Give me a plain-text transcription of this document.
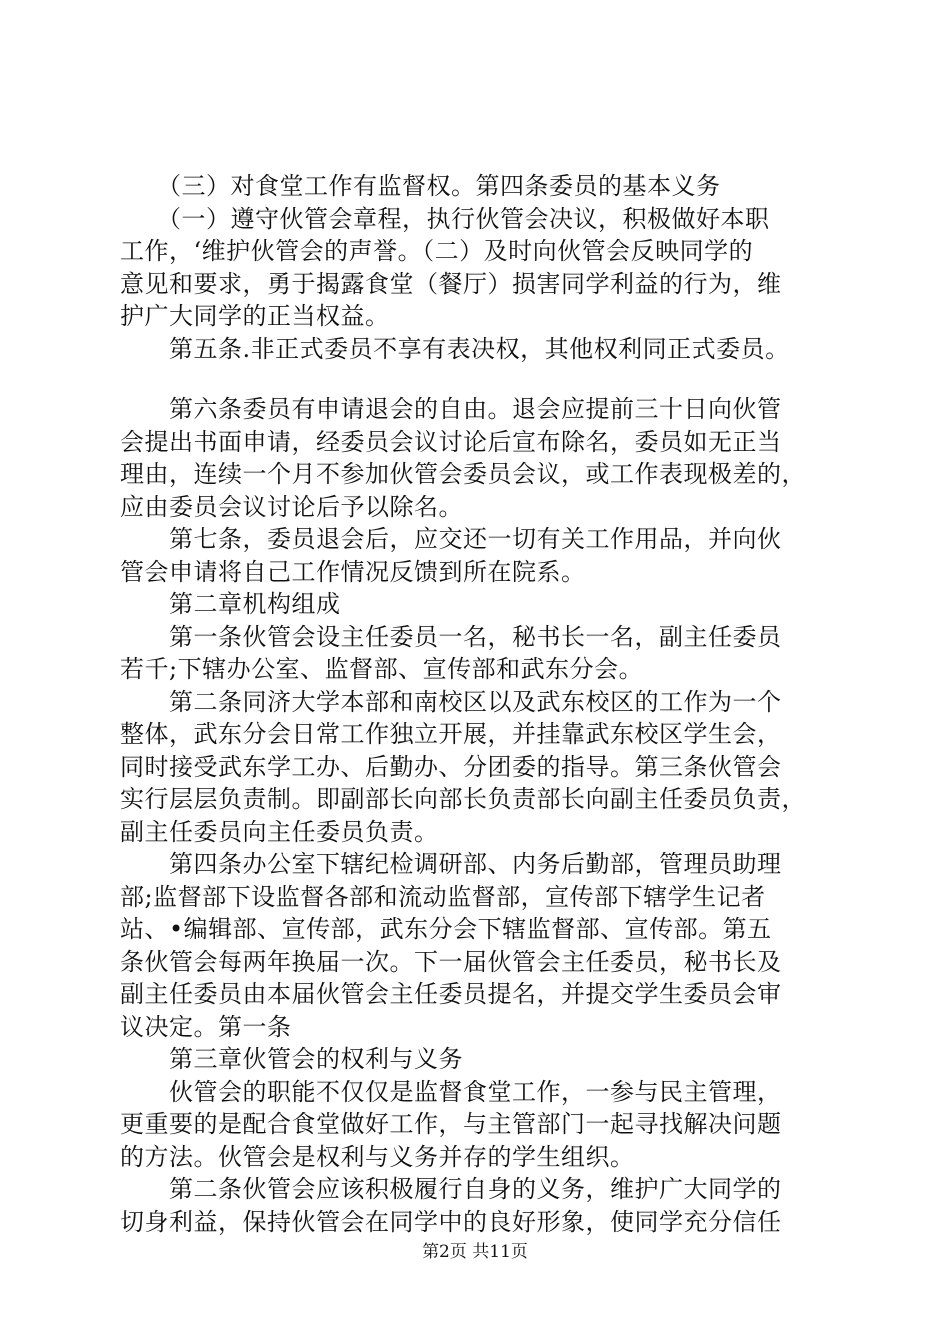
　　（三）对食堂工作有监督权。第四条委员的基本义务
　　（一）遵守伙管会章程，执行伙管会决议，积极做好本职
工作，‘维护伙管会的声誉。（二）及时向伙管会反映同学的
意见和要求，勇于揭露食堂（餐厅）损害同学利益的行为，维
护广大同学的正当权益。
　　第五条.非正式委员不享有表决权，其他权利同正式委员。
　　第六条委员有申请退会的自由。退会应提前三十日向伙管
会提出书面申请，经委员会议讨论后宣布除名，委员如无正当
理由，连续一个月不参加伙管会委员会议，或工作表现极差的，
应由委员会议讨论后予以除名。
　　第七条，委员退会后，应交还一切有关工作用品，并向伙
管会申请将自己工作情况反馈到所在院系。
　　第二章机构组成
　　第一条伙管会设主任委员一名，秘书长一名，副主任委员
若千;下辖办公室、监督部、宣传部和武东分会。
　　第二条同济大学本部和南校区以及武东校区的工作为一个
整体，武东分会日常工作独立开展，并挂靠武东校区学生会，
同时接受武东学工办、后勤办、分团委的指导。第三条伙管会
实行层层负责制。即副部长向部长负责部长向副主任委员负责，
副主任委员向主任委员负责。
　　第四条办公室下辖纪检调研部、内务后勤部，管理员助理
部;监督部下设监督各部和流动监督部，宣传部下辖学生记者
站、•编辑部、宣传部，武东分会下辖监督部、宣传部。第五
条伙管会每两年换届一次。下一届伙管会主任委员，秘书长及
副主任委员由本届伙管会主任委员提名，并提交学生委员会审
议决定。第一条
　　第三章伙管会的权利与义务
　　伙管会的职能不仅仅是监督食堂工作，一参与民主管理，
更重要的是配合食堂做好工作，与主管部门一起寻找解决问题
的方法。伙管会是权利与义务并存的学生组织。
　　第二条伙管会应该积极履行自身的义务，维护广大同学的
切身利益，保持伙管会在同学中的良好形象，使同学充分信任
第2页 共11页
